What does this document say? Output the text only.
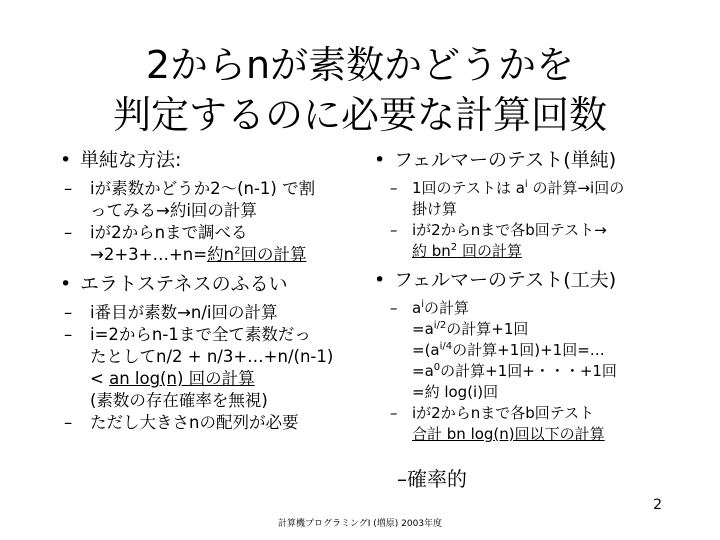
2からnが素数かどうかを
判定するのに必要な計算回数
• 単純な方法:
– iが素数かどうか2～(n-1) で割
ってみる→約i回の計算
– iが2からnまで調べる
→2+3+…+n=約$n^2$回の計算
• エラトステネスのふるい
– i番目が素数→n/i回の計算
– i=2からn-1まで全て素数だっ
たとしてn/2 + n/3+…+n/(n-1)
< an log(n) 回の計算
(素数の存在確率を無視)
– ただし大きさnの配列が必要
• フェルマーのテスト(単純)
– 1回のテストは $a^i$ の計算→i回の
掛け算
– iが2からnまで各b回テスト→
約 $bn^2$ 回の計算
• フェルマーのテスト(工夫)
– $a^i$の計算
$=a^{i/2}$の計算+1回
$=(a^{i/4}$の計算+1回)+1回=…
$=a^0$の計算+1回+・・・+1回
=約 log(i)回
– iが2からnまで各b回テスト
合計 bn log(n)回以下の計算
– 確率的
2
計算機プログラミングI (増原) 2003年度
